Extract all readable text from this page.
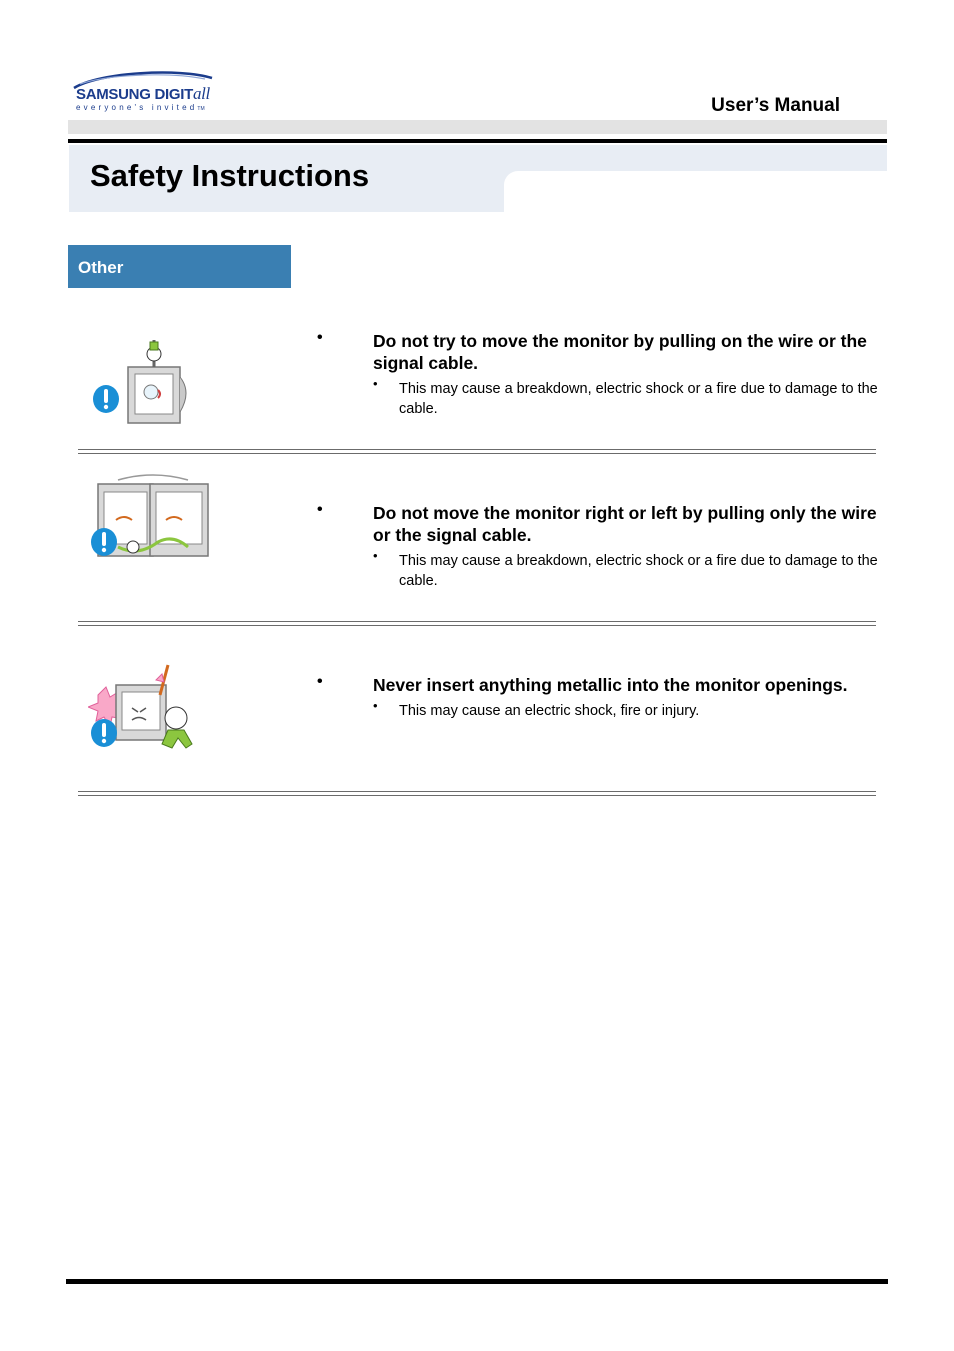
SAMSUNG DIGITall
everyone's invitedTM	User’s Manual
Safety Instructions
Other
•	Do not try to move the monitor by pulling on the wire or the signal cable.
• This may cause a breakdown, electric shock or a fire due to damage to the cable.
•	Do not move the monitor right or left by pulling only the wire or the signal cable.
• This may cause a breakdown, electric shock or a fire due to damage to the cable.
•	Never insert anything metallic into the monitor openings.
• This may cause an electric shock, fire or injury.
